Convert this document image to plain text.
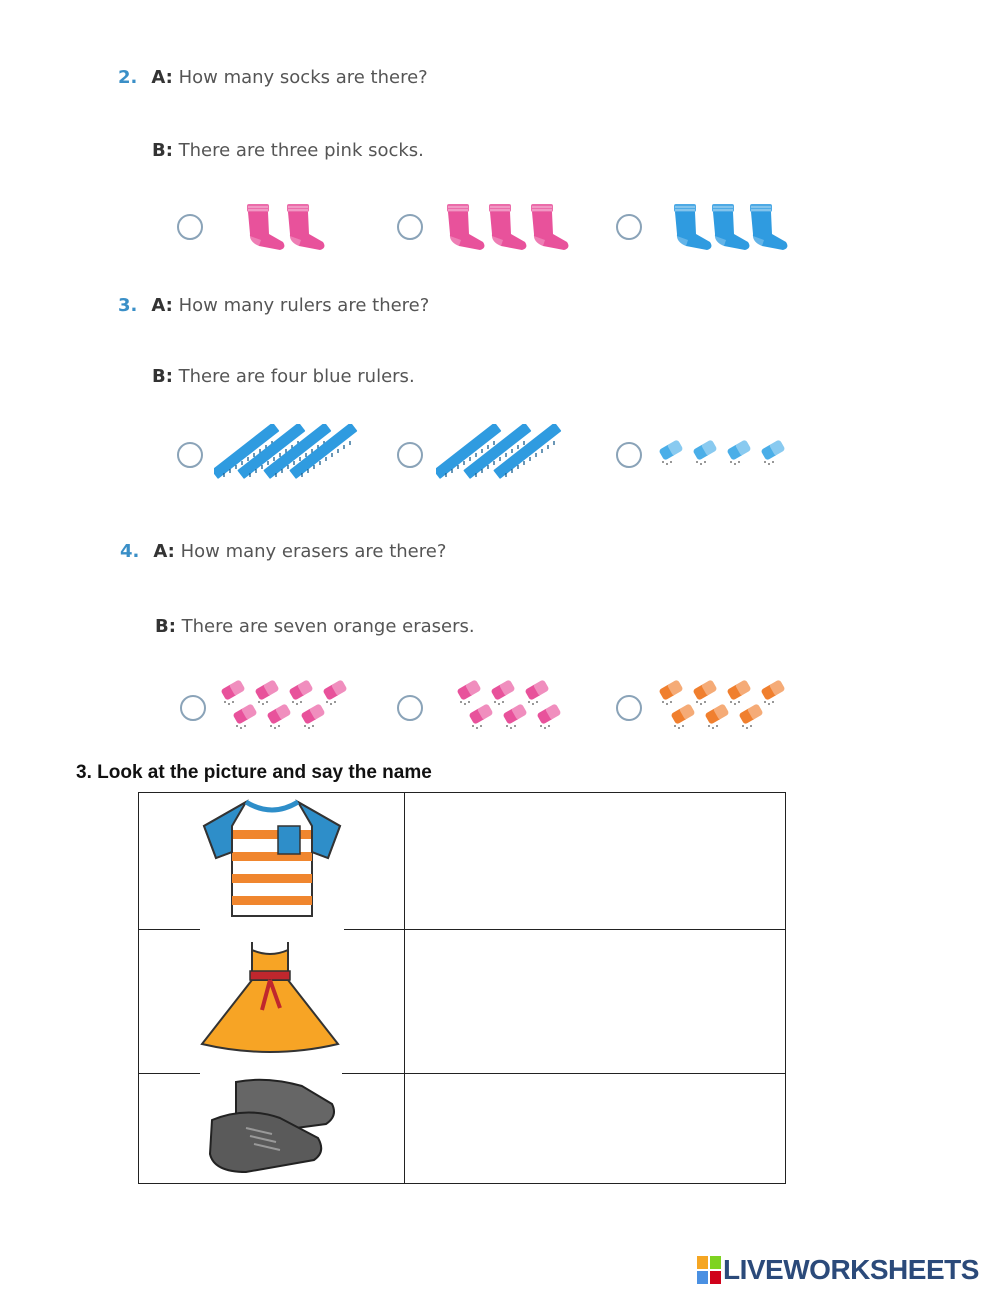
2. A: How many socks are there?
B: There are three pink socks.
3. A: How many rulers are there?
B: There are four blue rulers.
4. A: How many erasers are there?
B: There are seven orange erasers.
3. Look at the picture and say the name
LIVEWORKSHEETS
